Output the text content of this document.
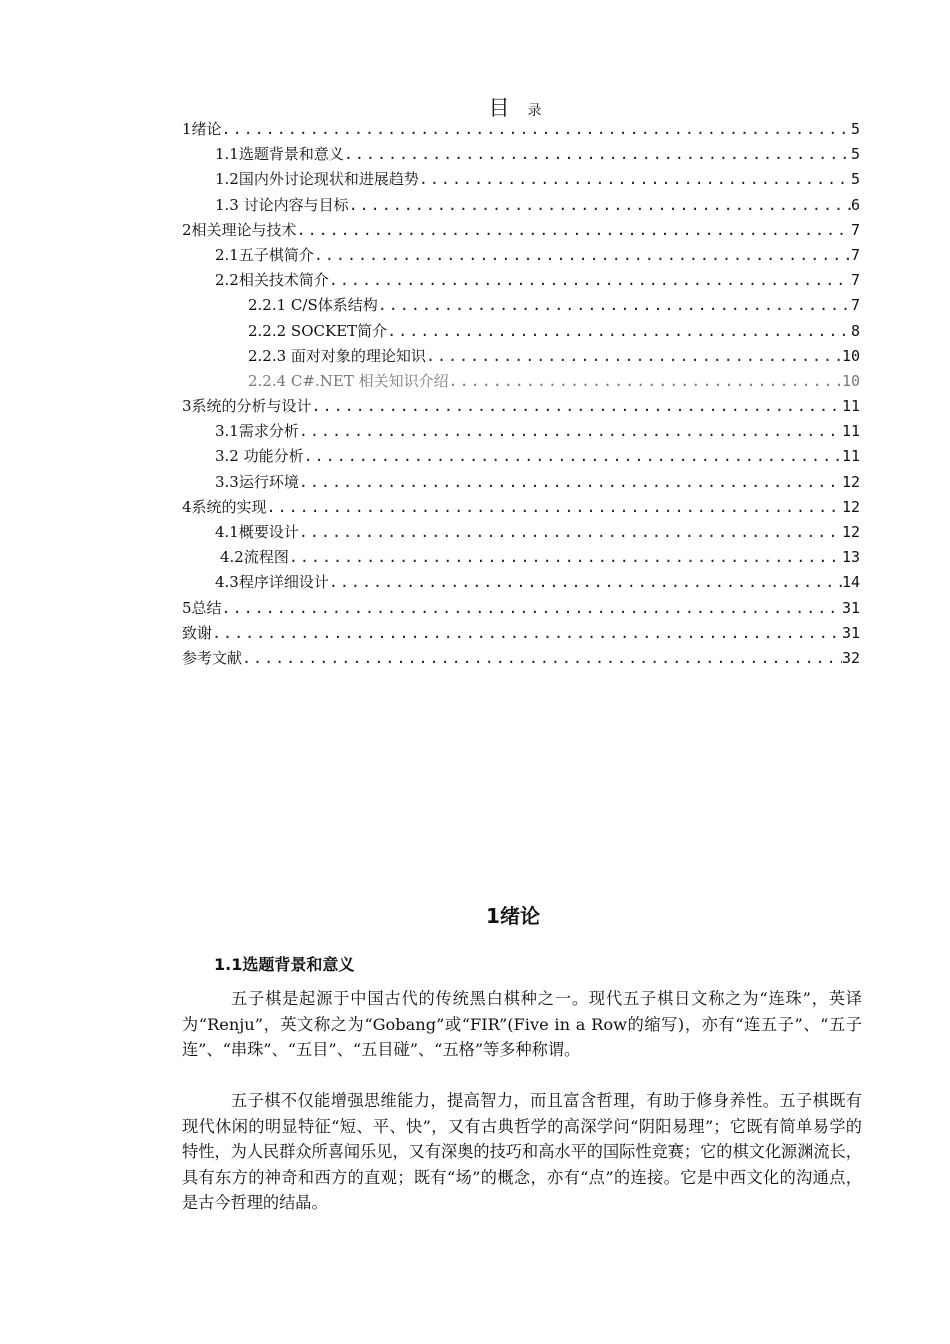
目 录
1绪论 .....	5
1.1选题背景和意义 .....	5
1.2国内外讨论现状和进展趋势 .....	5
1.3 讨论内容与目标 .....	6
2相关理论与技术 .....	7
2.1五子棋简介 .....	7
2.2相关技术简介 .....	7
2.2.1 C/S体系结构 .....	7
2.2.2 SOCKET简介 .....	8
2.2.3 面对对象的理论知识 .....	10
2.2.4 C#.NET 相关知识介绍 .....	10
3系统的分析与设计 .....	11
3.1需求分析 .....	11
3.2 功能分析 .....	11
3.3运行环境 .....	12
4系统的实现 .....	12
4.1概要设计 .....	12
4.2流程图 .....	13
4.3程序详细设计 .....	14
5总结 .....	31
致谢 .....	31
参考文献 .....	32
1绪论
1.1选题背景和意义

五子棋是起源于中国古代的传统黑白棋种之一。现代五子棋日文称之为“连珠”，英译为“Renju”，英文称之为“Gobang”或“FIR”(Five in a Row的缩写)，亦有“连五子”、“五子连”、“串珠”、“五目”、“五目碰”、“五格”等多种称谓。

五子棋不仅能增强思维能力，提高智力，而且富含哲理，有助于修身养性。五子棋既有现代休闲的明显特征“短、平、快”，又有古典哲学的高深学问“阴阳易理”；它既有简单易学的特性，为人民群众所喜闻乐见，又有深奥的技巧和高水平的国际性竞赛；它的棋文化源渊流长，具有东方的神奇和西方的直观；既有“场”的概念，亦有“点”的连接。它是中西文化的沟通点，是古今哲理的结晶。
